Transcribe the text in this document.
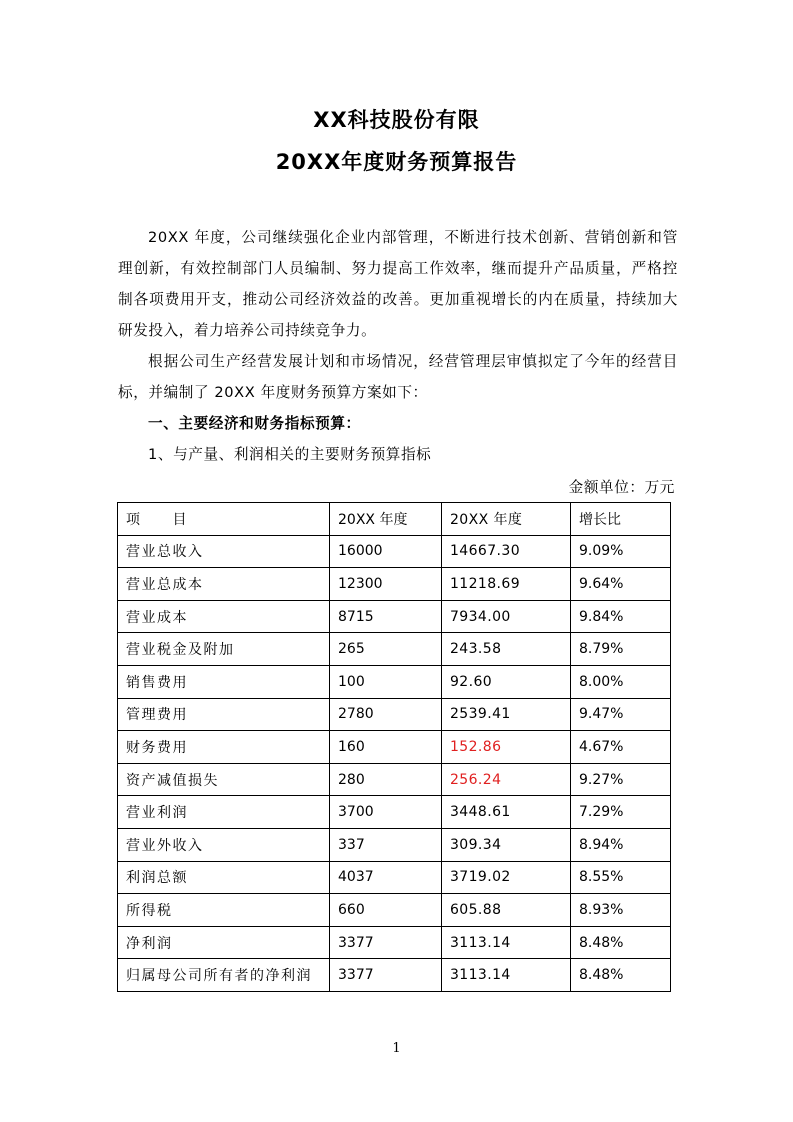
XX科技股份有限
20XX年度财务预算报告

20XX 年度，公司继续强化企业内部管理，不断进行技术创新、营销创新和管理创新，有效控制部门人员编制、努力提高工作效率，继而提升产品质量，严格控制各项费用开支，推动公司经济效益的改善。更加重视增长的内在质量，持续加大研发投入，着力培养公司持续竞争力。

根据公司生产经营发展计划和市场情况，经营管理层审慎拟定了今年的经营目标，并编制了 20XX 年度财务预算方案如下：

一、主要经济和财务指标预算：
1、与产量、利润相关的主要财务预算指标
金额单位：万元
项　　目	20XX 年度	20XX 年度	增长比
营业总收入	16000	14667.30	9.09%
营业总成本	12300	11218.69	9.64%
营业成本	8715	7934.00	9.84%
营业税金及附加	265	243.58	8.79%
销售费用	100	92.60	8.00%
管理费用	2780	2539.41	9.47%
财务费用	160	152.86	4.67%
资产减值损失	280	256.24	9.27%
营业利润	3700	3448.61	7.29%
营业外收入	337	309.34	8.94%
利润总额	4037	3719.02	8.55%
所得税	660	605.88	8.93%
净利润	3377	3113.14	8.48%
归属母公司所有者的净利润	3377	3113.14	8.48%
1
